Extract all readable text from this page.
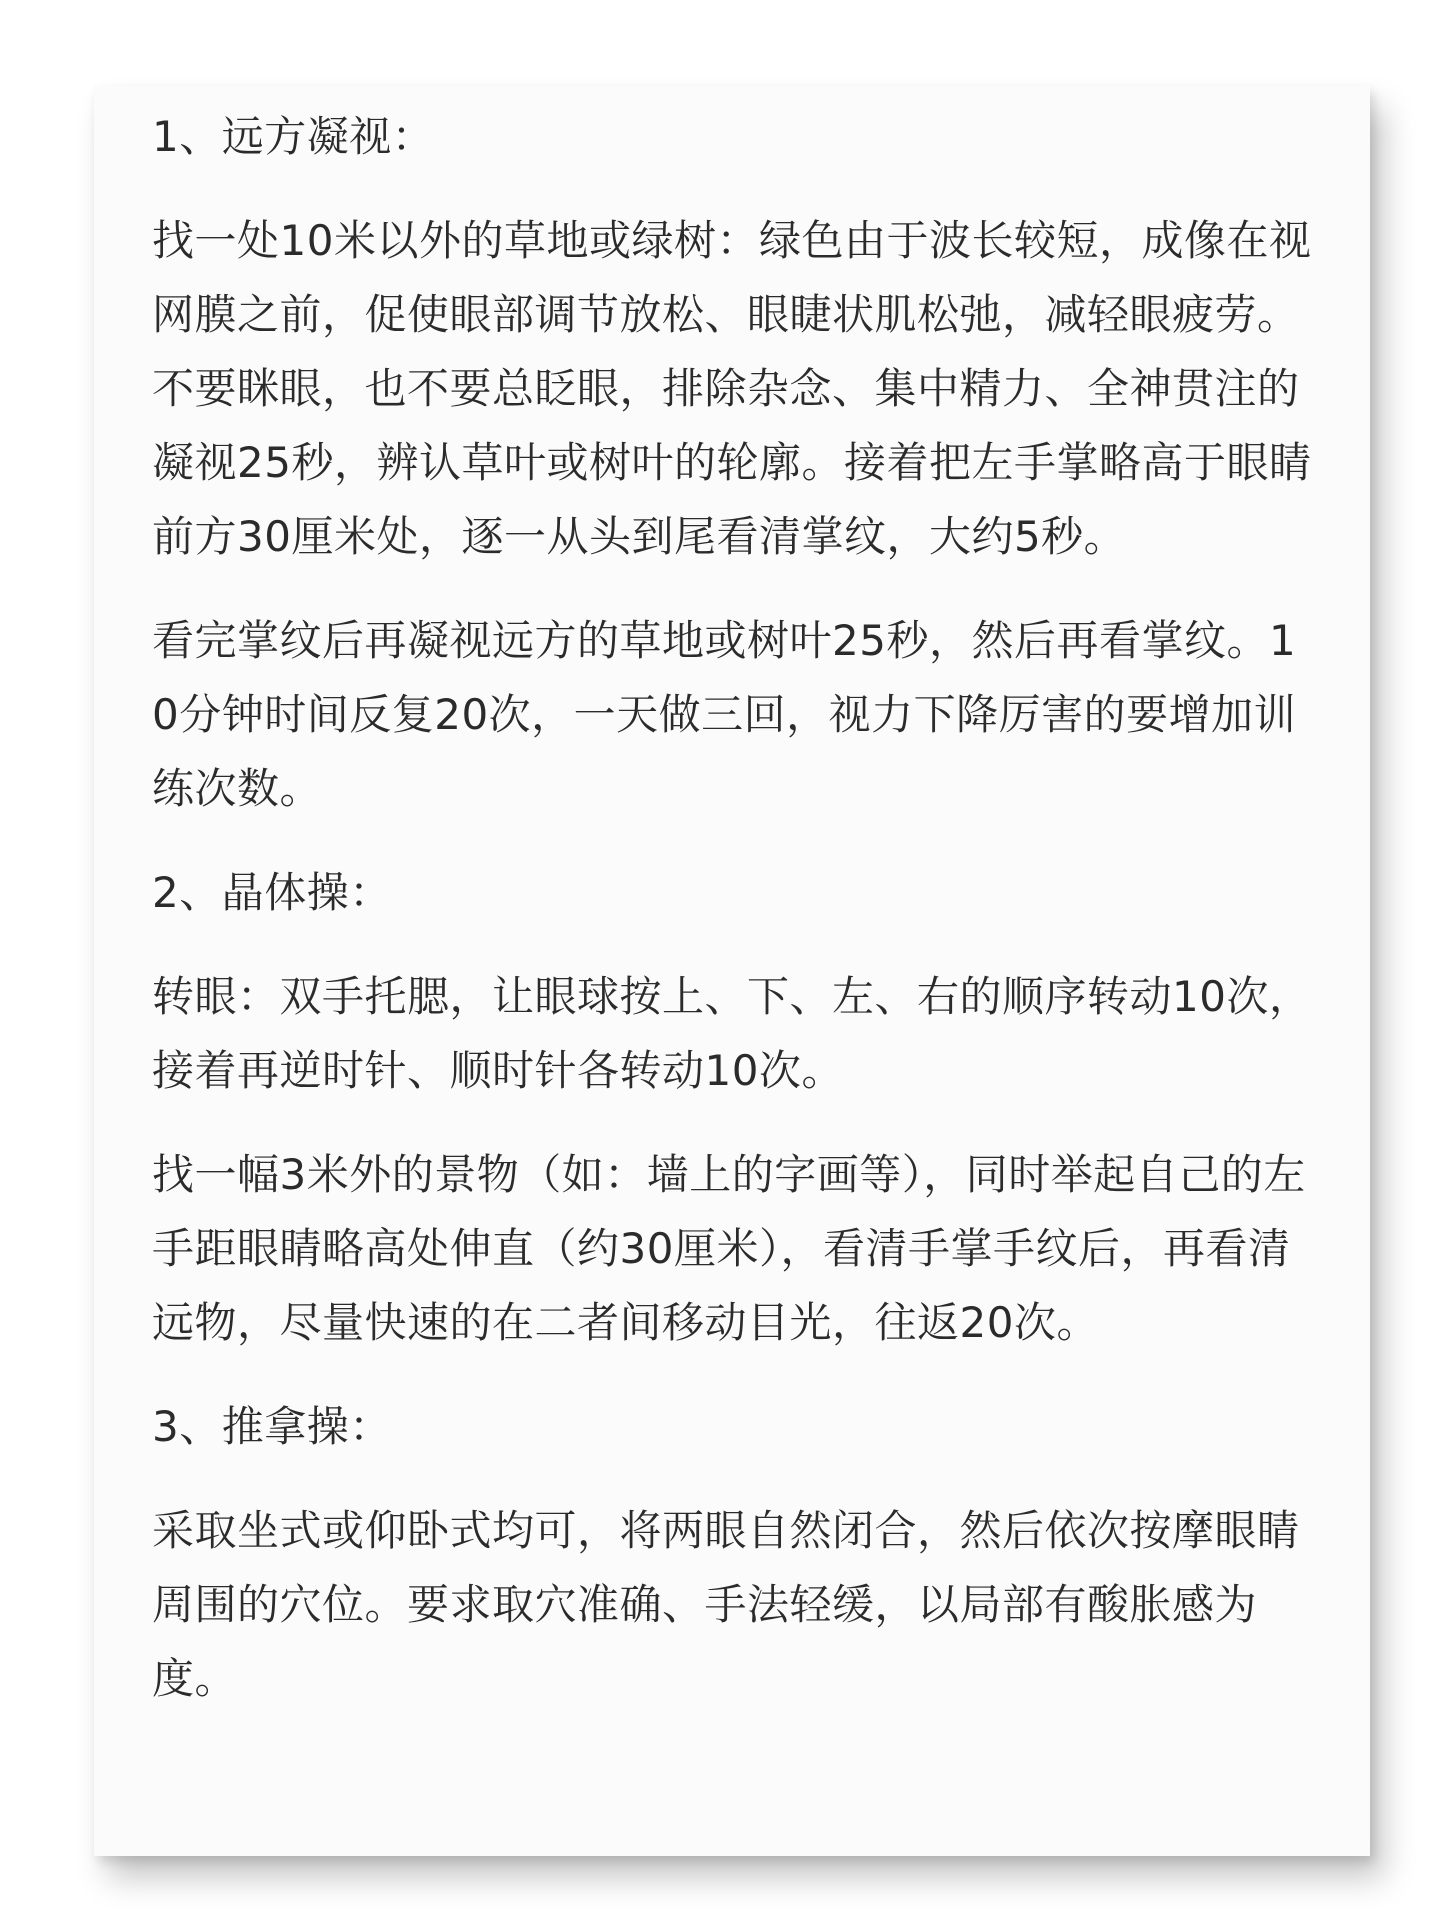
1、远方凝视：

找一处10米以外的草地或绿树：绿色由于波长较短，成像在视网膜之前，促使眼部调节放松、眼睫状肌松弛，减轻眼疲劳。不要眯眼，也不要总眨眼，排除杂念、集中精力、全神贯注的凝视25秒，辨认草叶或树叶的轮廓。接着把左手掌略高于眼睛前方30厘米处，逐一从头到尾看清掌纹，大约5秒。

看完掌纹后再凝视远方的草地或树叶25秒，然后再看掌纹。10分钟时间反复20次，一天做三回，视力下降厉害的要增加训练次数。

2、晶体操：

转眼：双手托腮，让眼球按上、下、左、右的顺序转动10次，接着再逆时针、顺时针各转动10次。

找一幅3米外的景物（如：墙上的字画等），同时举起自己的左手距眼睛略高处伸直（约30厘米），看清手掌手纹后，再看清远物，尽量快速的在二者间移动目光，往返20次。

3、推拿操：

采取坐式或仰卧式均可，将两眼自然闭合，然后依次按摩眼睛周围的穴位。要求取穴准确、手法轻缓，以局部有酸胀感为度。
